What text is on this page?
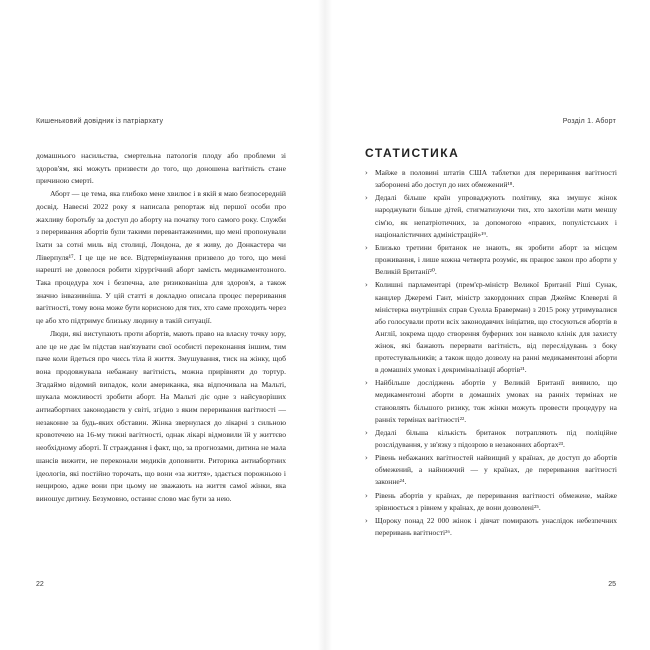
Кишеньковий довідник із патріархату

домашнього насильства, смертельна патологія плоду або проблеми зі здоров'ям, які можуть призвести до того, що доношена вагітність стане причиною смерті.

Аборт — це тема, яка глибоко мене хвилює і в якій я маю безпосередній досвід. Навесні 2022 року я написала репортаж від першої особи про жахливу боротьбу за доступ до аборту на початку того самого року. Служби з переривання абортів були такими перевантаженими, що мені пропонували їхати за сотні миль від столиці, Лондона, де я живу, до Донкастера чи Ліверпуля¹⁷. І це ще не все. Відтермінування призвело до того, що мені нарешті не довелося робити хірургічний аборт замість медикаментозного. Така процедура хоч і безпечна, але ризикованіша для здоров'я, а також значно інвазивніша. У цій статті я докладно описала процес переривання вагітності, тому вона може бути корисною для тих, хто саме проходить через це або хто підтримує близьку людину в такій ситуації.

Люди, які виступають проти абортів, мають право на власну точку зору, але це не дає їм підстав нав'язувати свої особисті переконання іншим, тим паче коли йдеться про чиєсь тіла й життя. Змушування, тиск на жінку, щоб вона продовжувала небажану вагітність, можна прирівняти до тортур. Згадаймо відомий випадок, коли американка, яка відпочивала на Мальті, шукала можливості зробити аборт. На Мальті діє одне з найсуворіших антиабортних законодавств у світі, згідно з яким переривання вагітності — незаконне за будь-яких обставин. Жінка звернулася до лікарні з сильною кровотечею на 16-му тижні вагітності, однак лікарі відмовили їй у життєво необхідному аборті. Її страждання і факт, що, за прогнозами, дитина не мала шансів вижити, не переконали медиків доповнити. Риторика антиабортних ідеологів, які постійно торочать, що вони «за життя», здається порожньою і нещирою, адже вони при цьому не зважають на життя самої жінки, яка виношує дитину. Безумовно, останнє слово має бути за нею.

22
Розділ 1. Аборт
СТАТИСТИКА
› Майже в половині штатів США таблетки для переривання вагітності заборонені або доступ до них обмежений¹⁸.
› Дедалі більше країн упроваджують політику, яка змушує жінок народжувати більше дітей, стигматизуючи тих, хто захотіли мати меншу сім'ю, як непатріотичних, за допомогою «правих, популістських і націоналістичних адміністрацій»¹⁹.
› Близько третини британок не знають, як зробити аборт за місцем проживання, і лише кожна четверта розуміє, як працює закон про аборти у Великій Британії²⁰.
› Колишні парламентарі (прем'єр-міністр Великої Британії Ріші Сунак, канцлер Джеремі Гант, міністр закордонних справ Джеймс Клеверлі й міністерка внутрішніх справ Суелла Браверман) з 2015 року утримувалися або голосували проти всіх законодавчих ініціатив, що стосуються абортів в Англії, зокрема щодо створення буферних зон навколо клінік для захисту жінок, які бажають перервати вагітність, від переслідувань з боку протестувальників; а також щодо дозволу на ранні медикаментозні аборти в домашніх умовах і декриміналізації абортів²¹.
› Найбільше досліджень абортів у Великій Британії виявило, що медикаментозні аборти в домашніх умовах на ранніх термінах не становлять більшого ризику, тож жінки можуть провести процедуру на ранніх термінах вагітності²².
› Дедалі більша кількість британок потрапляють під поліційне розслідування, у зв'язку з підозрою в незаконних абортах²³.
› Рівень небажаних вагітностей найвищий у країнах, де доступ до абортів обмежений, а найнижчий — у країнах, де переривання вагітності законне²⁴.
› Рівень абортів у країнах, де переривання вагітності обмежене, майже зрівнюється з рівнем у країнах, де вони дозволені²⁵.
› Щороку понад 22 000 жінок і дівчат помирають унаслідок небезпечних переривань вагітності²⁶.
25
